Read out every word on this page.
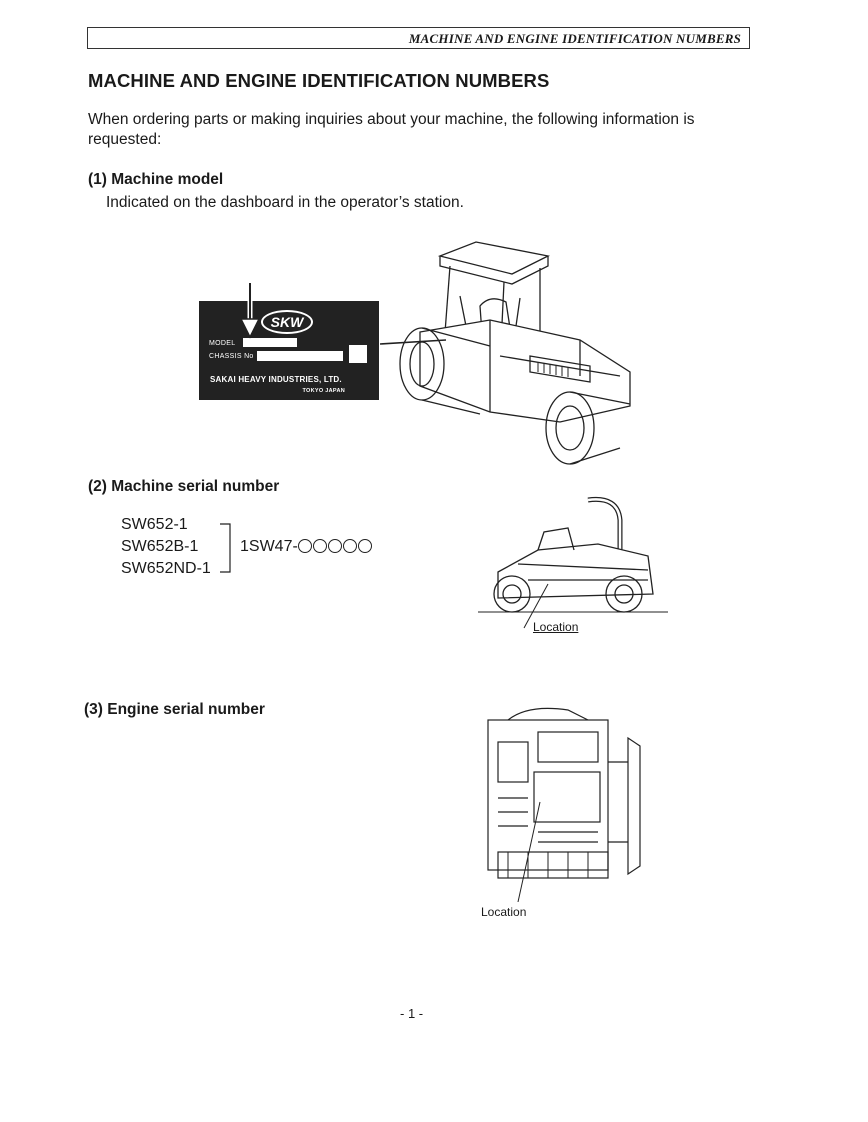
MACHINE AND ENGINE IDENTIFICATION NUMBERS
MACHINE AND ENGINE IDENTIFICATION NUMBERS
When ordering parts or making inquiries about your machine, the following information is requested:
(1) Machine model
Indicated on the dashboard in the operator’s station.
SKW
MODEL
CHASSIS No
SAKAI HEAVY INDUSTRIES, LTD.
TOKYO JAPAN
(2) Machine serial number
SW652-1
SW652B-1
SW652ND-1
1SW47-
Location
(3) Engine serial number
Location
- 1 -
